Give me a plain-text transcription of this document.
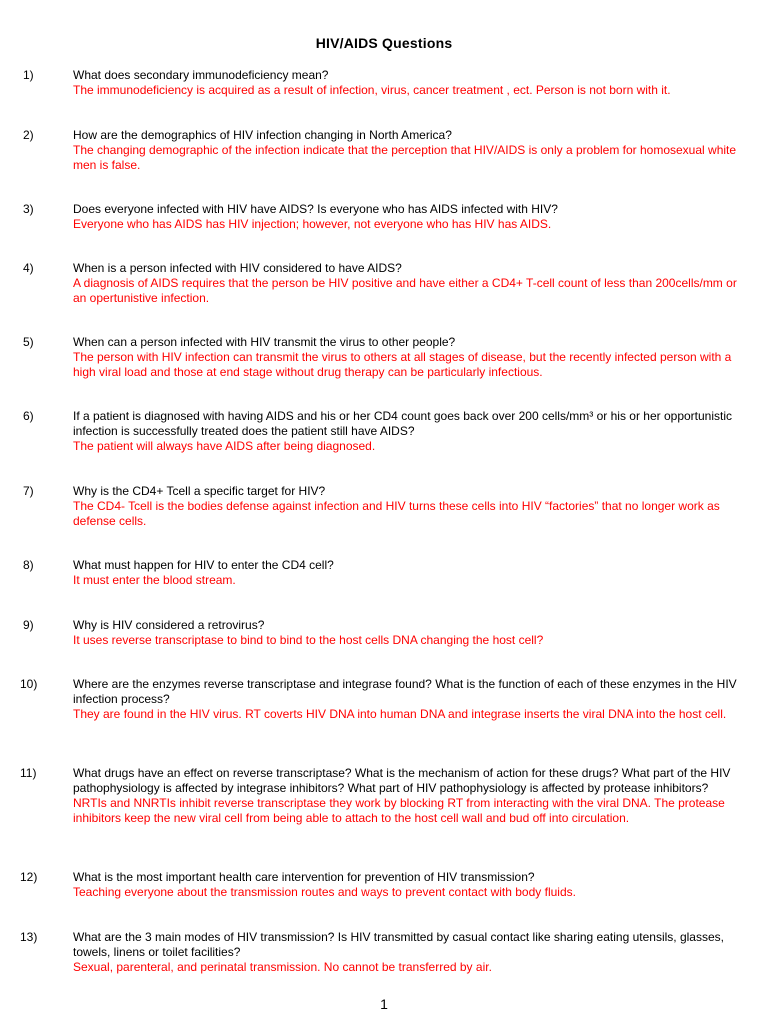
HIV/AIDS Questions
1)	What does secondary immunodeficiency mean?
The immunodeficiency is acquired as a result of infection, virus, cancer treatment , ect. Person is not born with it.
2)	How are the demographics of HIV infection changing in North America?
The changing demographic of the infection indicate that the perception that HIV/AIDS is only a problem for homosexual white men is false.
3)	Does everyone infected with HIV have AIDS? Is everyone who has AIDS infected with HIV?
Everyone who has AIDS has HIV injection; however, not everyone who has HIV has AIDS.
4)	When is a person infected with HIV considered to have AIDS?
A diagnosis of AIDS requires that the person be HIV positive and have either a CD4+ T-cell count of less than 200cells/mm or an opertunistive infection.
5)	When can a person infected with HIV transmit the virus to other people?
The person with HIV infection can transmit the virus to others at all stages of disease, but the recently infected person with a high viral load and those at end stage without drug therapy can be particularly infectious.
6)	If a patient is diagnosed with having AIDS and his or her CD4 count goes back over 200 cells/mm³ or his or her opportunistic infection is successfully treated does the patient still have AIDS?
The patient will always have AIDS after being diagnosed.
7)	Why is the CD4+ Tcell a specific target for HIV?
The CD4- Tcell is the bodies defense against infection and HIV turns these cells into HIV “factories” that no longer work as defense cells.
8)	What must happen for HIV to enter the CD4 cell?
It must enter the blood stream.
9)	Why is HIV considered a retrovirus?
It uses reverse transcriptase to bind to bind to the host cells DNA changing the host cell?
10)	Where are the enzymes reverse transcriptase and integrase found? What is the function of each of these enzymes in the HIV infection process?
They are found in the HIV virus. RT coverts HIV DNA into human DNA and integrase inserts the viral DNA into the host cell.
11)	What drugs have an effect on reverse transcriptase? What is the mechanism of action for these drugs? What part of the HIV pathophysiology is affected by integrase inhibitors? What part of HIV pathophysiology is affected by protease inhibitors?
NRTIs and NNRTIs inhibit reverse transcriptase they work by blocking RT from interacting with the viral DNA. The protease inhibitors keep the new viral cell from being able to attach to the host cell wall and bud off into circulation.
12)	What is the most important health care intervention for prevention of HIV transmission?
Teaching everyone about the transmission routes and ways to prevent contact with body fluids.
13)	What are the 3 main modes of HIV transmission? Is HIV transmitted by casual contact like sharing eating utensils, glasses, towels, linens or toilet facilities?
Sexual, parenteral, and perinatal transmission. No cannot be transferred by air.
1
